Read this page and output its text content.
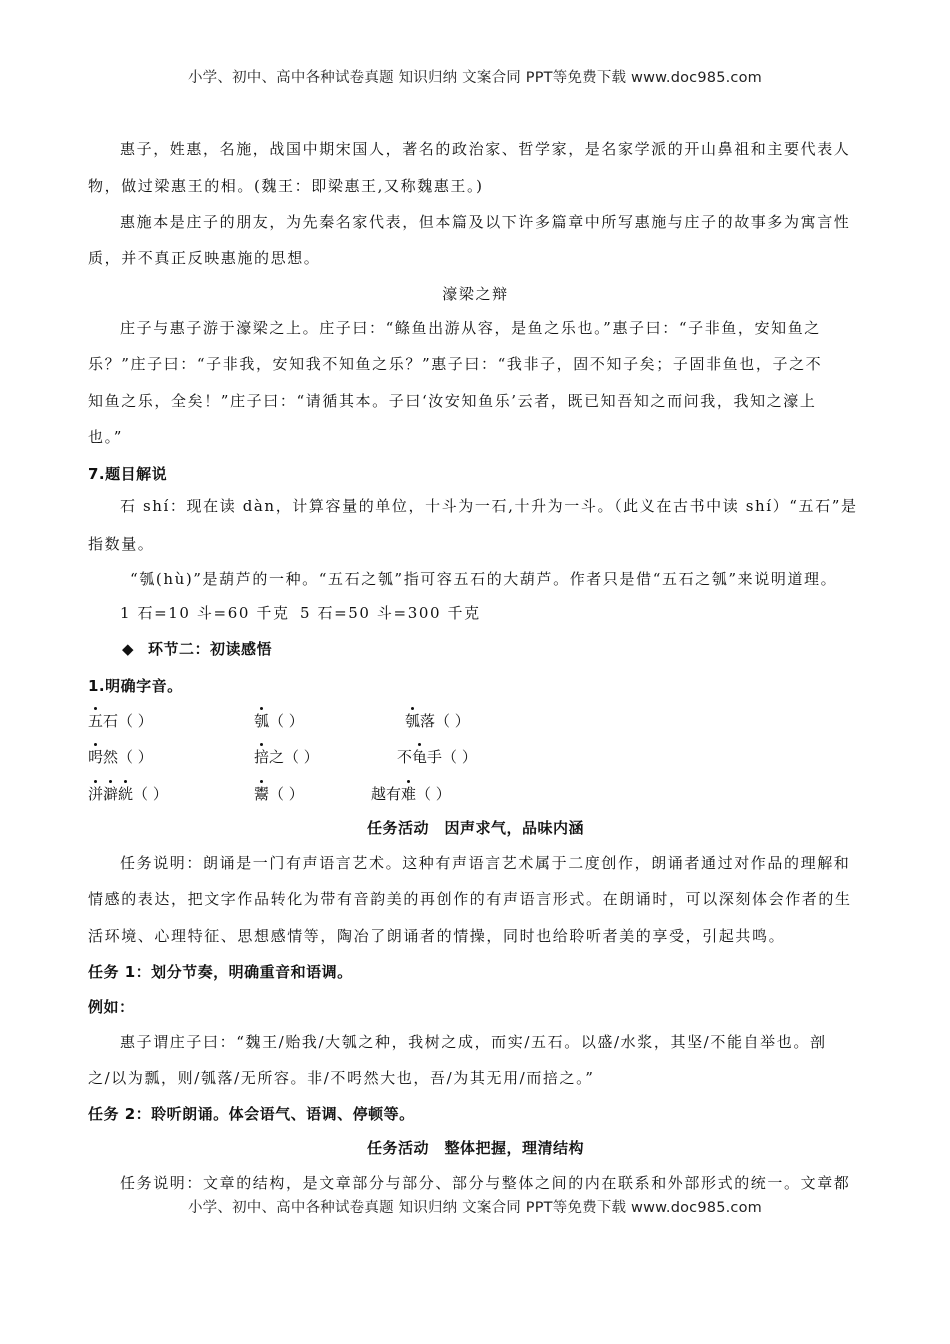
小学、初中、高中各种试卷真题 知识归纳 文案合同 PPT等免费下载 www.doc985.com
惠子，姓惠，名施，战国中期宋国人，著名的政治家、哲学家，是名家学派的开山鼻祖和主要代表人
物，做过梁惠王的相。(魏王：即梁惠王,又称魏惠王。)
惠施本是庄子的朋友，为先秦名家代表，但本篇及以下许多篇章中所写惠施与庄子的故事多为寓言性
质，并不真正反映惠施的思想。
濠梁之辩
庄子与惠子游于濠梁之上。庄子曰：“鲦鱼出游从容，是鱼之乐也。”惠子曰：“子非鱼，安知鱼之
乐？”庄子曰：“子非我，安知我不知鱼之乐？”惠子曰：“我非子，固不知子矣；子固非鱼也，子之不
知鱼之乐，全矣！”庄子曰：“请循其本。子曰‘汝安知鱼乐’云者，既已知吾知之而问我，我知之濠上
也。”
7.题目解说
石 shí：现在读 dàn，计算容量的单位，十斗为一石,十升为一斗。（此义在古书中读 shí）“五石”是
指数量。
“瓠(hù)”是葫芦的一种。“五石之瓠”指可容五石的大葫芦。作者只是借“五石之瓠”来说明道理。
1 石=10 斗=60 千克 5 石=50 斗=300 千克
◆ 环节二：初读感悟
1.明确字音。
五石（ ）	瓠（ ）	瓠落（ ）
呺然（ ）	掊之（ ）	不龟手（ ）
洴澼絖（ ）	鬻（ ）	越有难（ ）
任务活动　因声求气，品味内涵
任务说明：朗诵是一门有声语言艺术。这种有声语言艺术属于二度创作，朗诵者通过对作品的理解和
情感的表达，把文字作品转化为带有音韵美的再创作的有声语言形式。在朗诵时，可以深刻体会作者的生
活环境、心理特征、思想感情等，陶冶了朗诵者的情操，同时也给聆听者美的享受，引起共鸣。
任务 1：划分节奏，明确重音和语调。
例如：
惠子谓庄子曰：“魏王/贻我/大瓠之种，我树之成，而实/五石。以盛/水浆，其坚/不能自举也。剖
之/以为瓢，则/瓠落/无所容。非/不呺然大也，吾/为其无用/而掊之。”
任务 2：聆听朗诵。体会语气、语调、停顿等。
任务活动　整体把握，理清结构
任务说明：文章的结构，是文章部分与部分、部分与整体之间的内在联系和外部形式的统一。文章都
小学、初中、高中各种试卷真题 知识归纳 文案合同 PPT等免费下载 www.doc985.com
